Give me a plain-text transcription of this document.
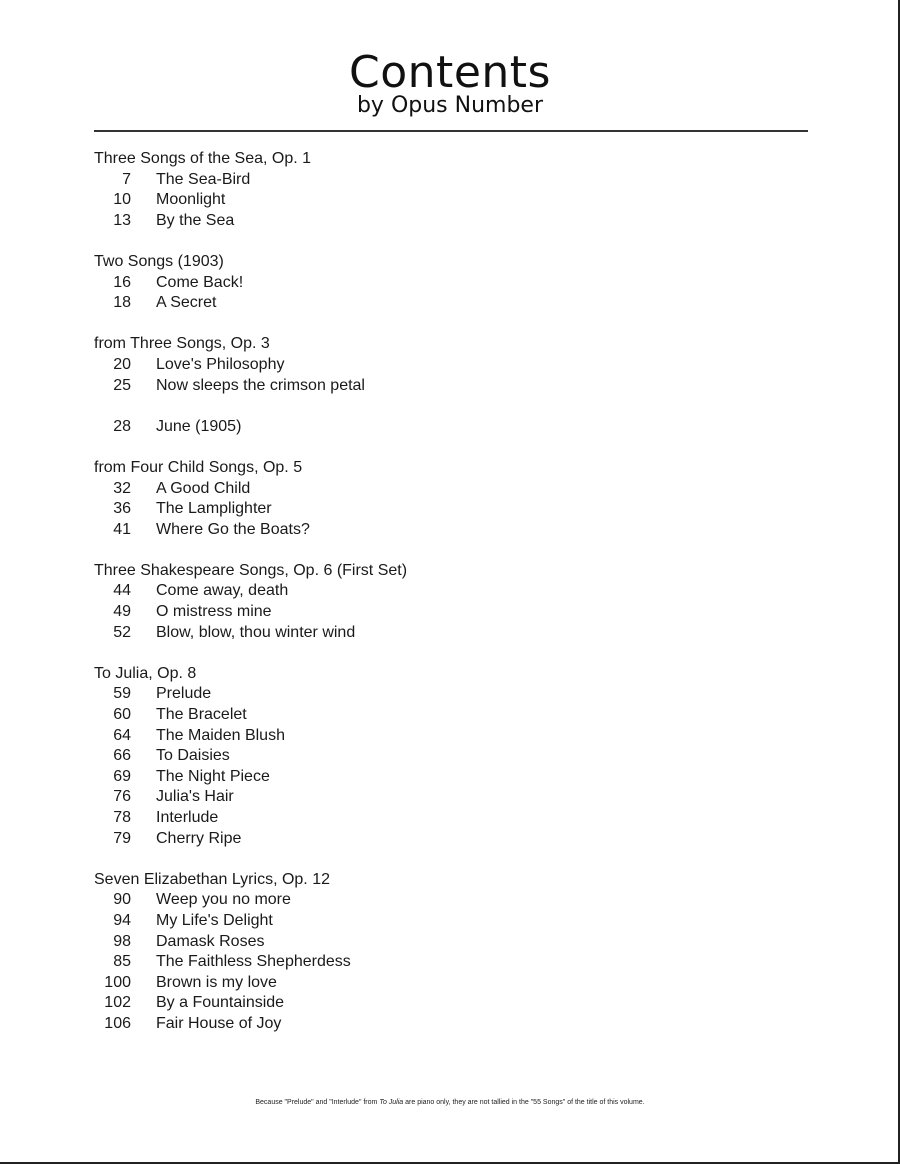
Contents
by Opus Number
Three Songs of the Sea, Op. 1
7 The Sea-Bird
10 Moonlight
13 By the Sea
Two Songs (1903)
16 Come Back!
18 A Secret
from Three Songs, Op. 3
20 Love's Philosophy
25 Now sleeps the crimson petal
28 June (1905)
from Four Child Songs, Op. 5
32 A Good Child
36 The Lamplighter
41 Where Go the Boats?
Three Shakespeare Songs, Op. 6 (First Set)
44 Come away, death
49 O mistress mine
52 Blow, blow, thou winter wind
To Julia, Op. 8
59 Prelude
60 The Bracelet
64 The Maiden Blush
66 To Daisies
69 The Night Piece
76 Julia's Hair
78 Interlude
79 Cherry Ripe
Seven Elizabethan Lyrics, Op. 12
90 Weep you no more
94 My Life's Delight
98 Damask Roses
85 The Faithless Shepherdess
100 Brown is my love
102 By a Fountainside
106 Fair House of Joy
Because "Prelude" and "Interlude" from To Julia are piano only, they are not tallied in the "55 Songs" of the title of this volume.
